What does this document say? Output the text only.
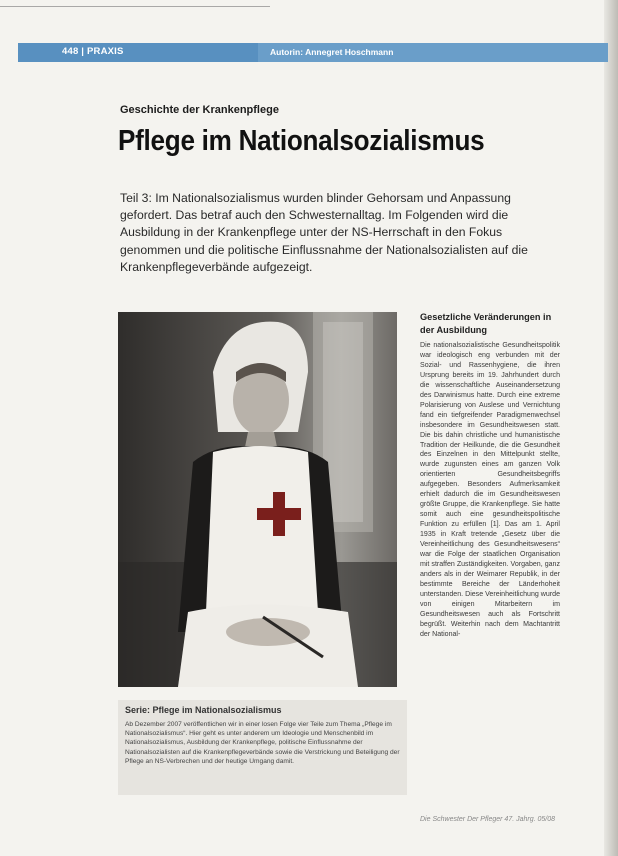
448 | PRAXIS	Autorin: Annegret Hoschmann
Geschichte der Krankenpflege
Pflege im Nationalsozialismus
Teil 3: Im Nationalsozialismus wurden blinder Gehorsam und Anpassung gefordert. Das betraf auch den Schwesternalltag. Im Folgenden wird die Ausbildung in der Krankenpflege unter der NS-Herrschaft in den Fokus genommen und die politische Einflussnahme der Nationalsozialisten auf die Krankenpflegeverbände aufgezeigt.
Serie: Pflege im Nationalsozialismus
Ab Dezember 2007 veröffentlichen wir in einer losen Folge vier Teile zum Thema „Pflege im Nationalsozialismus“. Hier geht es unter anderem um Ideologie und Menschenbild im Nationalsozialismus, Ausbildung der Krankenpflege, politische Einflussnahme der Nationalsozialisten auf die Krankenpflegeverbände sowie die Verstrickung und Beteiligung der Pflege an NS-Verbrechen und der heutige Umgang damit.
Gesetzliche Veränderungen in der Ausbildung
Die nationalsozialistische Gesundheitspolitik war ideologisch eng verbunden mit der Sozial- und Rassenhygiene, die ihren Ursprung bereits im 19. Jahrhundert durch die wissenschaftliche Auseinandersetzung des Darwinismus hatte. Durch eine extreme Polarisierung von Auslese und Vernichtung fand ein tiefgreifender Paradigmenwechsel insbesondere im Gesundheitswesen statt. Die bis dahin christliche und humanistische Tradition der Heilkunde, die die Gesundheit des Einzelnen in den Mittelpunkt stellte, wurde zugunsten eines am ganzen Volk orientierten Gesundheitsbegriffs aufgegeben. Besonders Aufmerksamkeit erhielt dadurch die im Gesundheitswesen größte Gruppe, die Krankenpflege. Sie hatte somit auch eine gesundheitspolitische Funktion zu erfüllen [1]. Das am 1. April 1935 in Kraft tretende „Gesetz über die Vereinheitlichung des Gesundheitswesens“ war die Folge der staatlichen Organisation mit straffen Zuständigkeiten. Vorgaben, ganz anders als in der Weimarer Republik, in der bestimmte Bereiche der Länderhoheit unterstanden. Diese Vereinheitlichung wurde von einigen Mitarbeitern im Gesundheitswesen auch als Fortschritt begrüßt. Weiterhin nach dem Machtantritt der National-
Die Schwester Der Pfleger 47. Jahrg. 05/08
